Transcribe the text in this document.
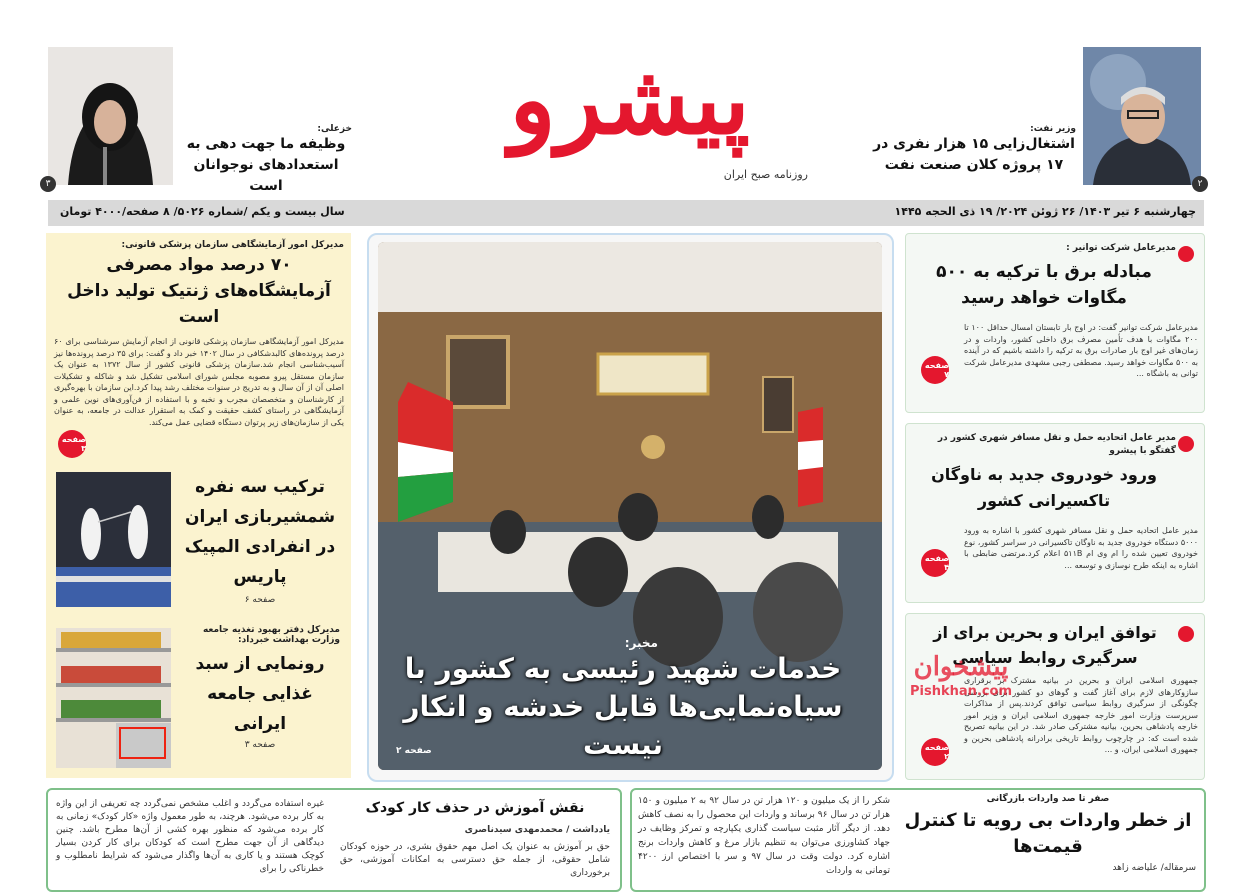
۳
خزعلی:
وظیفه ما جهت دهی به استعدادهای نوجوانان است
پیشرو
روزنامه صبح ایران
۲
وزیر نفت:
اشتغال‌زایی ۱۵ هزار نفری در ۱۷ پروژه کلان صنعت نفت
چهارشنبه ۶ تیر ۱۴۰۳/ ۲۶ ژوئن ۲۰۲۴/ ۱۹ ذی الحجه ۱۴۴۵
سال بیست و یکم /شماره ۵۰۲۶/ ۸ صفحه/۴۰۰۰ تومان
مدیرکل امور آزمایشگاهی سازمان پزشکی قانونی:
۷۰ درصد مواد مصرفی آزمایشگاه‌های ژنتیک تولید داخل است
مدیرکل امور آزمایشگاهی سازمان پزشکی قانونی از انجام آزمایش سرشناسی برای ۶۰ درصد پرونده‌های کالبدشکافی در سال ۱۴۰۲ خبر داد و گفت: برای ۳۵ درصد پرونده‌ها نیز آسیب‌شناسی انجام شد.سازمان پزشکی قانونی کشور از سال ۱۳۷۲ به عنوان یک سازمان مستقل پیرو مصوبه مجلس شورای اسلامی تشکیل شد و شاکله و تشکیلات اصلی آن از آن سال و به تدریج در سنوات مختلف رشد پیدا کرد.این سازمان با بهره‌گیری از کارشناسان و متخصصان مجرب و نخبه و با استفاده از فن‌آوری‌های نوین علمی و آزمایشگاهی در راستای کشف حقیقت و کمک به استقرار عدالت در جامعه، به عنوان یکی از سازمان‌های زیر پرتوان دستگاه قضایی عمل می‌کند.
صفحه ۳
ترکیب سه نفره شمشیربازی ایران در انفرادی المپیک پاریس
صفحه ۶
مدیرکل دفتر بهبود تغذیه جامعه وزارت بهداشت خبرداد:
رونمایی از سبد غذایی جامعه ایرانی
صفحه ۳
عکس: پایگاه اطلاع رسانی ریاست جمهوری اسلامی ایران
مخبر:
خدمات شهید رئیسی به کشور با سیاه‌نمایی‌ها قابل خدشه و انکار نیست
صفحه ۲
مدیرعامل شرکت توانیر :
مبادله برق با ترکیه به ۵۰۰ مگاوات خواهد رسید
مدیرعامل شرکت توانیر گفت: در اوج بار تابستان امسال حداقل ۱۰۰ تا ۲۰۰ مگاوات با هدف تأمین مصرف برق داخلی کشور، واردات و در زمان‌های غیر اوج بار صادرات برق به ترکیه را داشته باشیم که در آینده به ۵۰۰ مگاوات خواهد رسید. مصطفی رجبی مشهدی مدیرعامل شرکت توانی به باشگاه ...
صفحه ۷
مدیر عامل اتحادیه حمل و نقل مسافر شهری کشور در گفتگو با پیشرو
ورود خودروی جدید به ناوگان تاکسیرانی کشور
مدیر عامل اتحادیه حمل و نقل مسافر شهری کشور با اشاره به ورود ۵۰۰۰ دستگاه خودروی جدید به ناوگان تاکسیرانی در سراسر کشور، نوع خودروی تعیین شده را ام وی ام ۵۱۱B اعلام کرد.مرتضی ضابطی با اشاره به اینکه طرح نوسازی و توسعه ...
صفحه ۴
توافق ایران و بحرین برای از سرگیری روابط سیاسی
جمهوری اسلامی ایران و بحرین در بیانیه مشترک بر برقراری سازوکارهای لازم برای آغاز گفت و گوهای دو کشور برای بررسی چگونگی از سرگیری روابط سیاسی توافق کردند.پس از مذاکرات سرپرست وزارت امور خارجه جمهوری اسلامی ایران و وزیر امور خارجه پادشاهی بحرین، بیانیه مشترکی صادر شد. در این بیانیه تصریح شده است که: در چارچوب روابط تاریخی برادرانه پادشاهی بحرین و جمهوری اسلامی ایران، و ...
صفحه ۲
پیشخوان
Pishkhan.com
صفر تا صد واردات بازرگانی
از خطر واردات بی رویه تا کنترل قیمت‌ها
سرمقاله/ علیاضه زاهد
شکر را از یک میلیون و ۱۲۰ هزار تن در سال ۹۲ به ۲ میلیون و ۱۵۰ هزار تن در سال ۹۶ برساند و واردات این محصول را به نصف کاهش دهد. از دیگر آثار مثبت سیاست گذاری یکپارچه و تمرکز وظایف در جهاد کشاورزی می‌توان به تنظیم بازار مرغ و کاهش واردات برنج اشاره کرد. دولت وقت در سال ۹۷ و سر با اختصاص ارز ۴۲۰۰ تومانی به واردات
نقش آموزش در حذف کار کودک
یادداشت / محمدمهدی سیدناصری
حق بر آموزش به عنوان یک اصل مهم حقوق بشری، در حوزه کودکان شامل حقوقی، از جمله حق دسترسی به امکانات آموزشی، حق برخورداری
غیره استفاده می‌گردد و اغلب مشخص نمی‌گردد چه تعریفی از این واژه به کار برده می‌شود. هرچند، به طور معمول واژه «کار کودک» زمانی به کار برده می‌شود که منظور بهره کشی از آن‌ها مطرح باشد. چنین دیدگاهی از آن جهت مطرح است که کودکان برای کار کردن بسیار کوچک هستند و یا کاری به آن‌ها واگذار می‌شود که شرایط نامطلوب و خطرناکی را برای
